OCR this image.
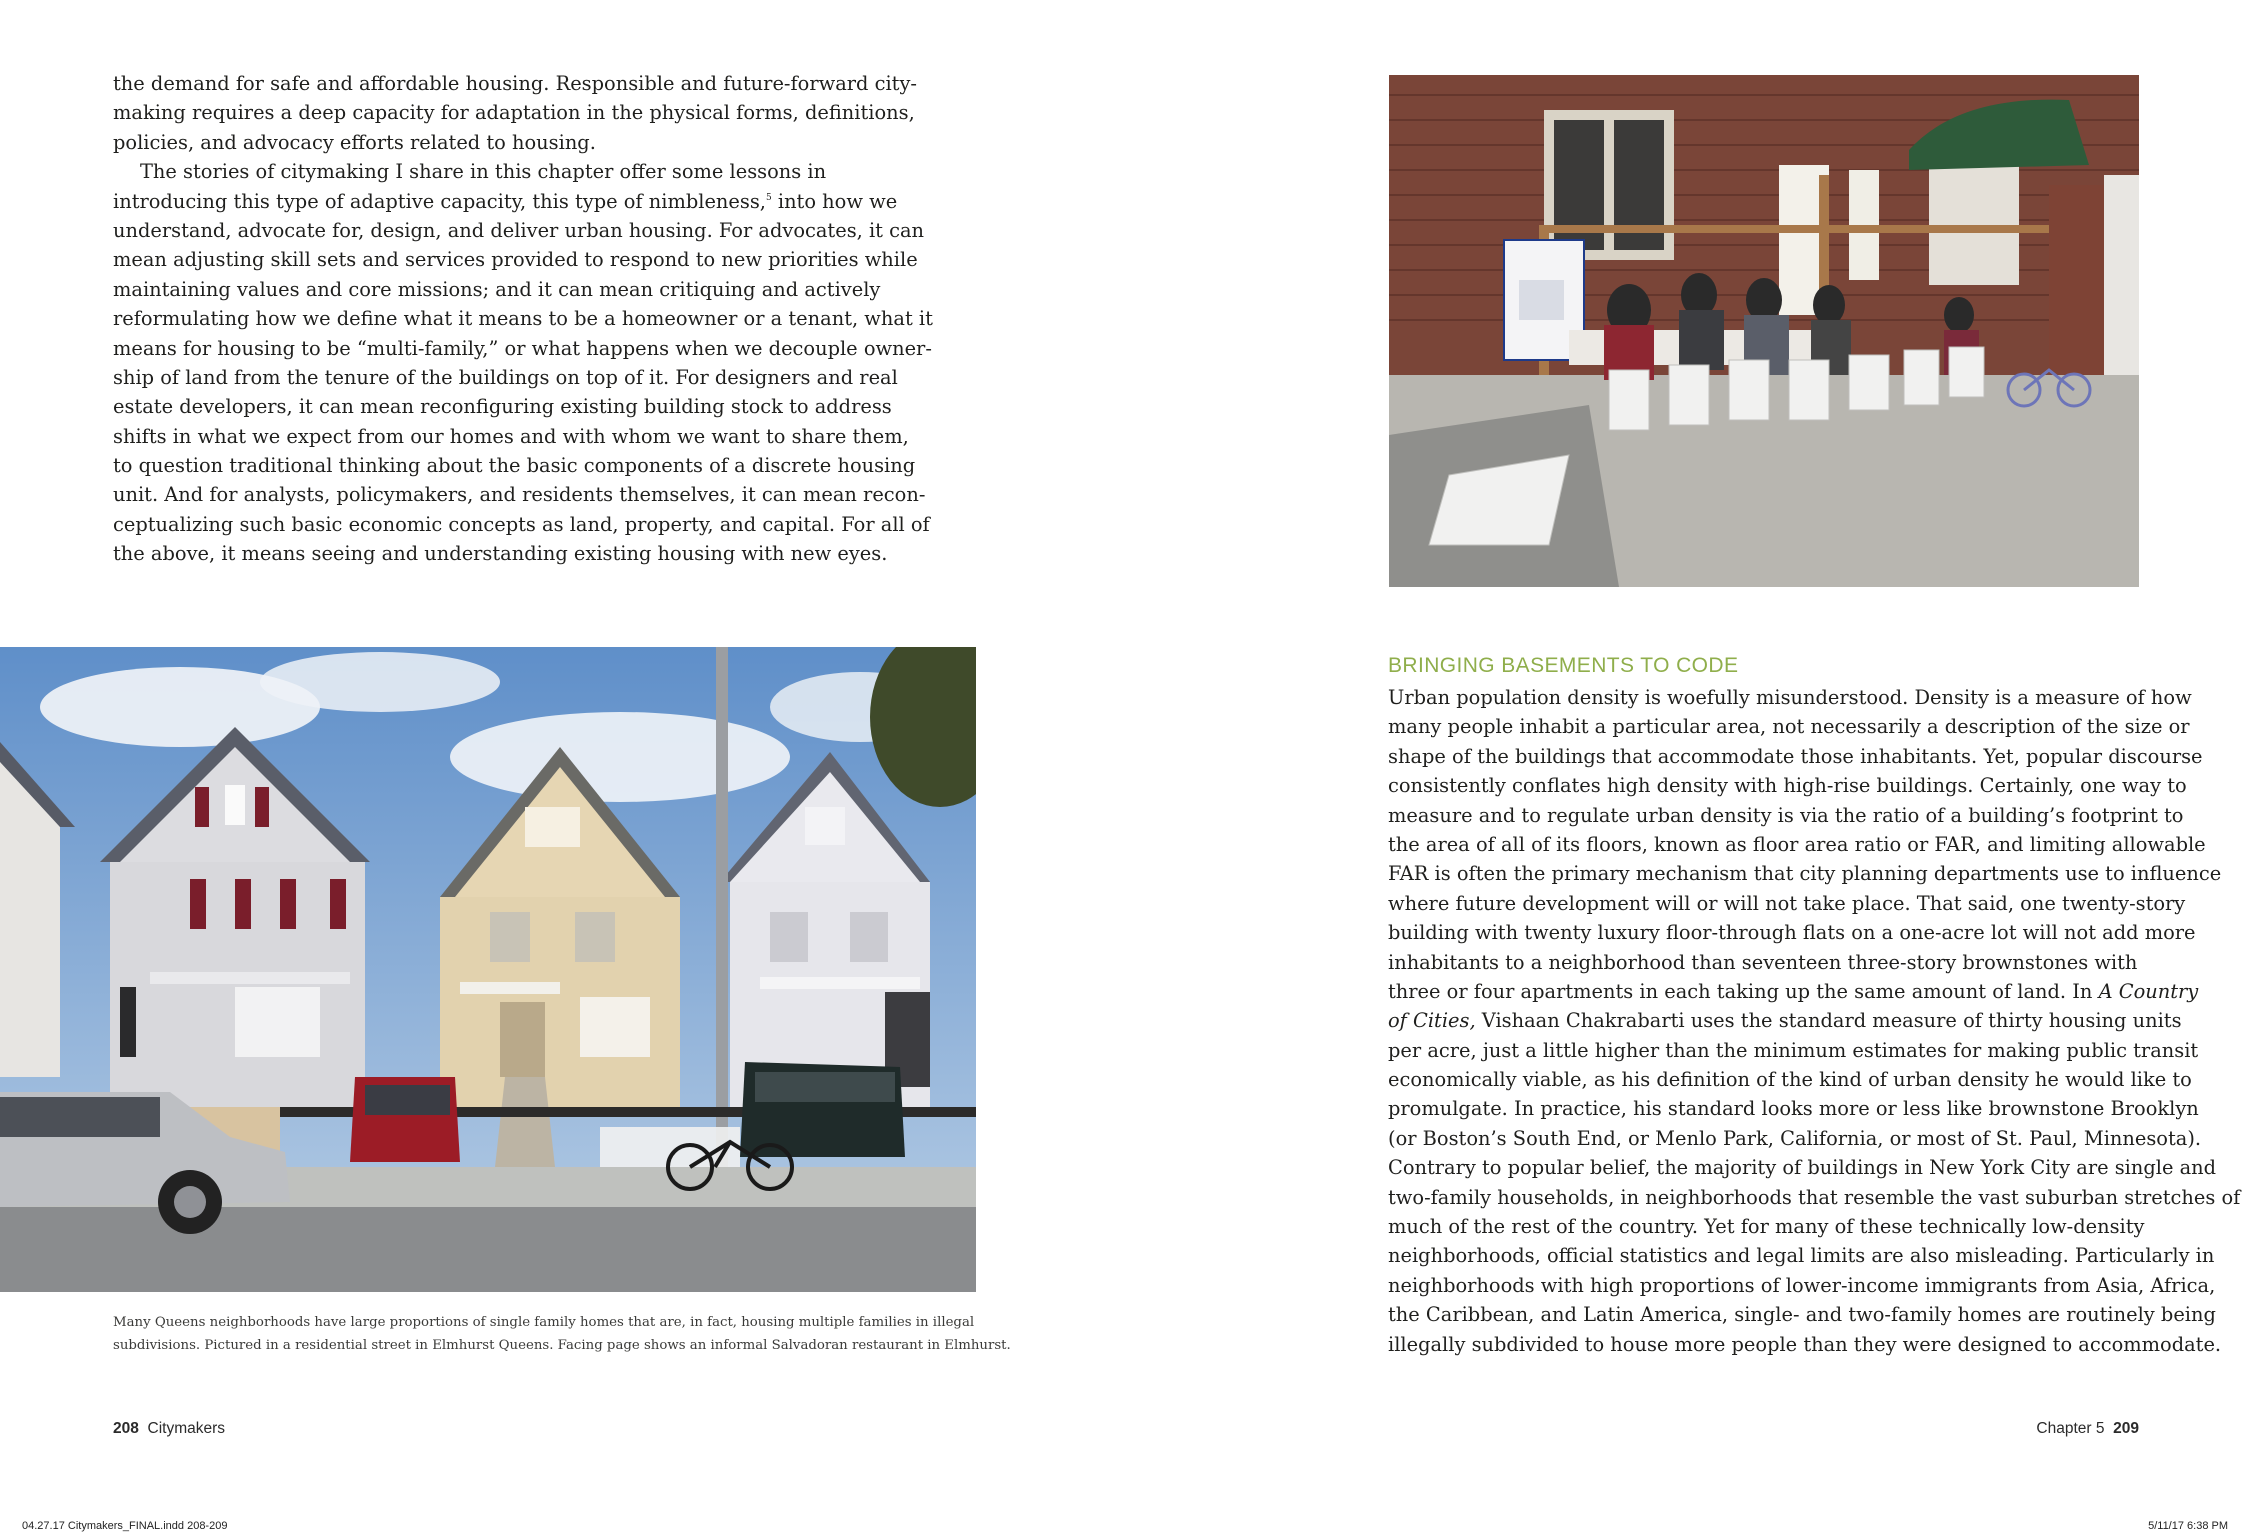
the demand for safe and affordable housing. Responsible and future-forward city-
making requires a deep capacity for adaptation in the physical forms, definitions,
policies, and advocacy efforts related to housing.
The stories of citymaking I share in this chapter offer some lessons in
introducing this type of adaptive capacity, this type of nimbleness,$^5$ into how we
understand, advocate for, design, and deliver urban housing. For advocates, it can
mean adjusting skill sets and services provided to respond to new priorities while
maintaining values and core missions; and it can mean critiquing and actively
reformulating how we define what it means to be a homeowner or a tenant, what it
means for housing to be “multi-family,” or what happens when we decouple owner-
ship of land from the tenure of the buildings on top of it. For designers and real
estate developers, it can mean reconfiguring existing building stock to address
shifts in what we expect from our homes and with whom we want to share them,
to question traditional thinking about the basic components of a discrete housing
unit. And for analysts, policymakers, and residents themselves, it can mean recon-
ceptualizing such basic economic concepts as land, property, and capital. For all of
the above, it means seeing and understanding existing housing with new eyes.
Many Queens neighborhoods have large proportions of single family homes that are, in fact, housing multiple families in illegal
subdivisions. Pictured in a residential street in Elmhurst Queens. Facing page shows an informal Salvadoran restaurant in Elmhurst.
208 Citymakers
BRINGING BASEMENTS TO CODE
Urban population density is woefully misunderstood. Density is a measure of how
many people inhabit a particular area, not necessarily a description of the size or
shape of the buildings that accommodate those inhabitants. Yet, popular discourse
consistently conflates high density with high-rise buildings. Certainly, one way to
measure and to regulate urban density is via the ratio of a building’s footprint to
the area of all of its floors, known as floor area ratio or FAR, and limiting allowable
FAR is often the primary mechanism that city planning departments use to influence
where future development will or will not take place. That said, one twenty-story
building with twenty luxury floor-through flats on a one-acre lot will not add more
inhabitants to a neighborhood than seventeen three-story brownstones with
three or four apartments in each taking up the same amount of land. In A Country
of Cities, Vishaan Chakrabarti uses the standard measure of thirty housing units
per acre, just a little higher than the minimum estimates for making public transit
economically viable, as his definition of the kind of urban density he would like to
promulgate. In practice, his standard looks more or less like brownstone Brooklyn
(or Boston’s South End, or Menlo Park, California, or most of St. Paul, Minnesota).
Contrary to popular belief, the majority of buildings in New York City are single and
two-family households, in neighborhoods that resemble the vast suburban stretches of
much of the rest of the country. Yet for many of these technically low-density
neighborhoods, official statistics and legal limits are also misleading. Particularly in
neighborhoods with high proportions of lower-income immigrants from Asia, Africa,
the Caribbean, and Latin America, single- and two-family homes are routinely being
illegally subdivided to house more people than they were designed to accommodate.
Chapter 5 209
04.27.17 Citymakers_FINAL.indd 208-209	5/11/17 6:38 PM
